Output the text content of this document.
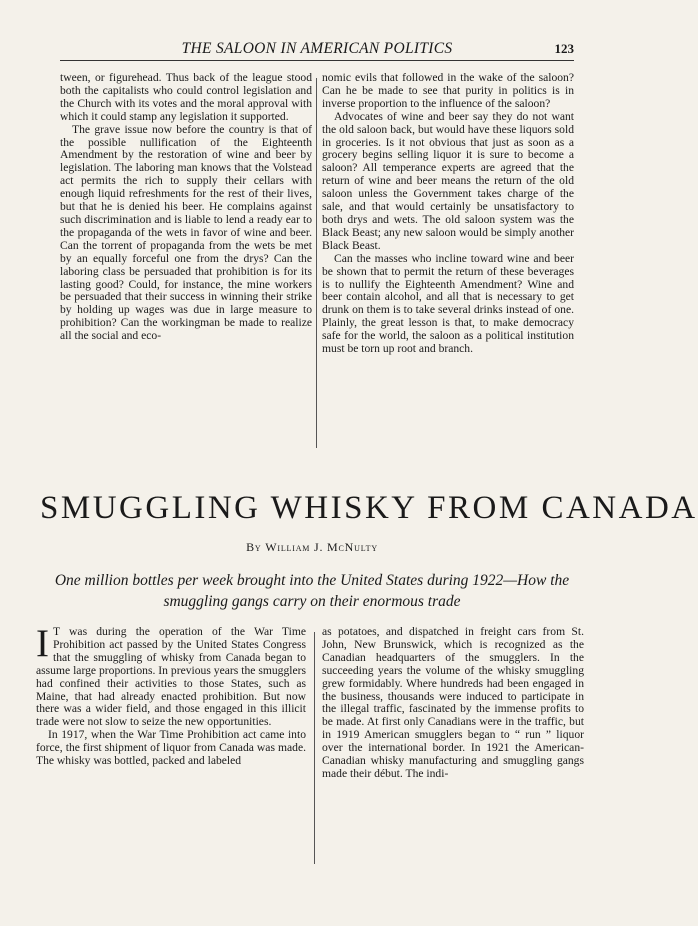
THE SALOON IN AMERICAN POLITICS	123

tween, or figurehead. Thus back of the league stood both the capitalists who could control legislation and the Church with its votes and the moral approval with which it could stamp any legislation it supported.

The grave issue now before the country is that of the possible nullification of the Eighteenth Amendment by the restoration of wine and beer by legislation. The laboring man knows that the Volstead act permits the rich to supply their cellars with enough liquid refreshments for the rest of their lives, but that he is denied his beer. He complains against such discrimination and is liable to lend a ready ear to the propaganda of the wets in favor of wine and beer. Can the torrent of propaganda from the wets be met by an equally forceful one from the drys? Can the laboring class be persuaded that prohibition is for its lasting good? Could, for instance, the mine workers be persuaded that their success in winning their strike by holding up wages was due in large measure to prohibition? Can the workingman be made to realize all the social and eco-

nomic evils that followed in the wake of the saloon? Can he be made to see that purity in politics is in inverse proportion to the influence of the saloon?

Advocates of wine and beer say they do not want the old saloon back, but would have these liquors sold in groceries. Is it not obvious that just as soon as a grocery begins selling liquor it is sure to become a saloon? All temperance experts are agreed that the return of wine and beer means the return of the old saloon unless the Government takes charge of the sale, and that would certainly be unsatisfactory to both drys and wets. The old saloon system was the Black Beast; any new saloon would be simply another Black Beast.

Can the masses who incline toward wine and beer be shown that to permit the return of these beverages is to nullify the Eighteenth Amendment? Wine and beer contain alcohol, and all that is necessary to get drunk on them is to take several drinks instead of one. Plainly, the great lesson is that, to make democracy safe for the world, the saloon as a political institution must be torn up root and branch.

SMUGGLING WHISKY FROM CANADA
By William J. McNulty
One million bottles per week brought into the United States during 1922—How the smuggling gangs carry on their enormous trade

I T was during the operation of the War Time Prohibition act passed by the United States Congress that the smuggling of whisky from Canada began to assume large proportions. In previous years the smugglers had confined their activities to those States, such as Maine, that had already enacted prohibition. But now there was a wider field, and those engaged in this illicit trade were not slow to seize the new opportunities.

In 1917, when the War Time Prohibition act came into force, the first shipment of liquor from Canada was made. The whisky was bottled, packed and labeled

as potatoes, and dispatched in freight cars from St. John, New Brunswick, which is recognized as the Canadian headquarters of the smugglers. In the succeeding years the volume of the whisky smuggling grew formidably. Where hundreds had been engaged in the business, thousands were induced to participate in the illegal traffic, fascinated by the immense profits to be made. At first only Canadians were in the traffic, but in 1919 American smugglers began to “ run ” liquor over the international border. In 1921 the American-Canadian whisky manufacturing and smuggling gangs made their début. The indi-
